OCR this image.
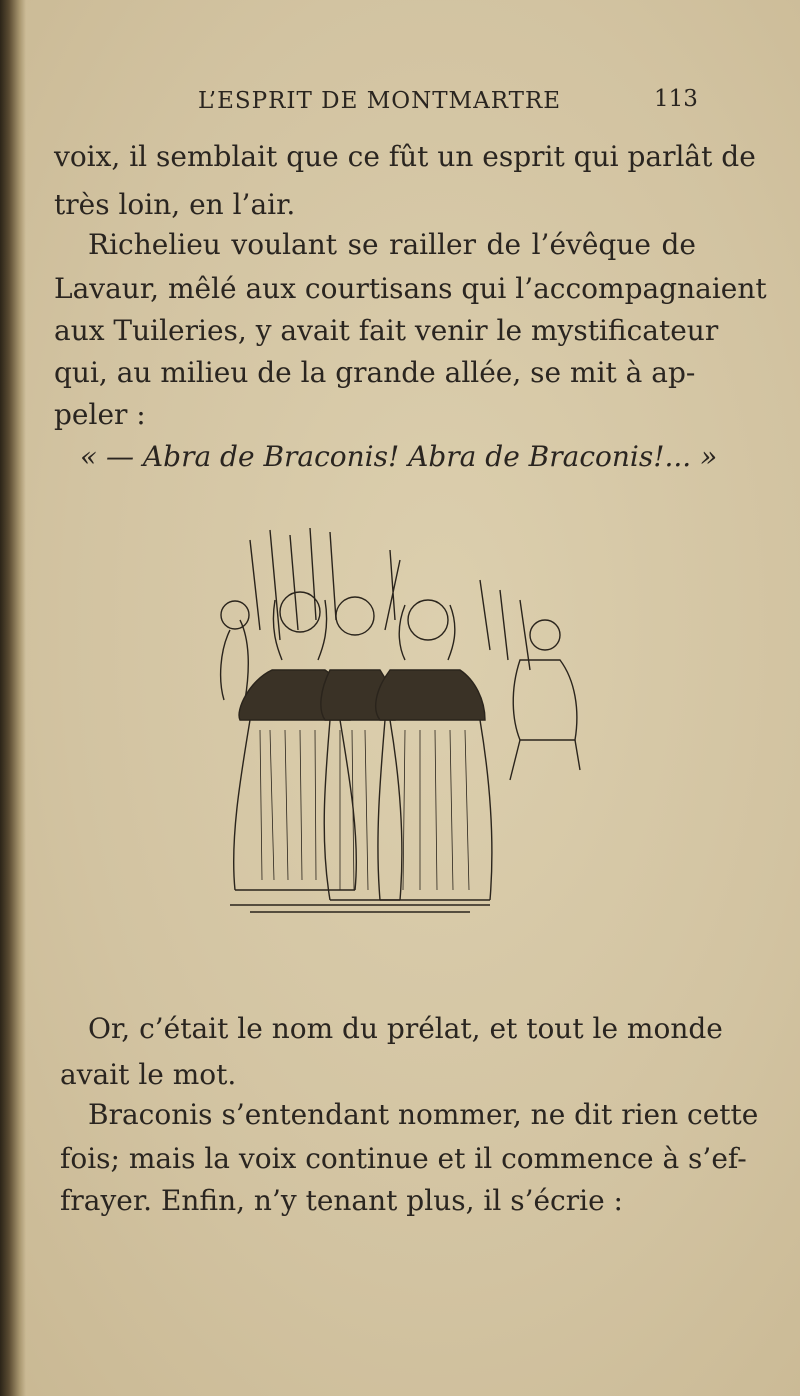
L’ESPRIT DE MONTMARTRE	113
voix, il semblait que ce fût un esprit qui parlât de
très loin, en l’air.
Richelieu voulant se railler de l’évêque de
Lavaur, mêlé aux courtisans qui l’accompagnaient
aux Tuileries, y avait fait venir le mystificateur
qui, au milieu de la grande allée, se mit à ap-
peler :
« — Abra de Braconis! Abra de Braconis!... »
Or, c’était le nom du prélat, et tout le monde
avait le mot.
Braconis s’entendant nommer, ne dit rien cette
fois; mais la voix continue et il commence à s’ef-
frayer. Enfin, n’y tenant plus, il s’écrie :
